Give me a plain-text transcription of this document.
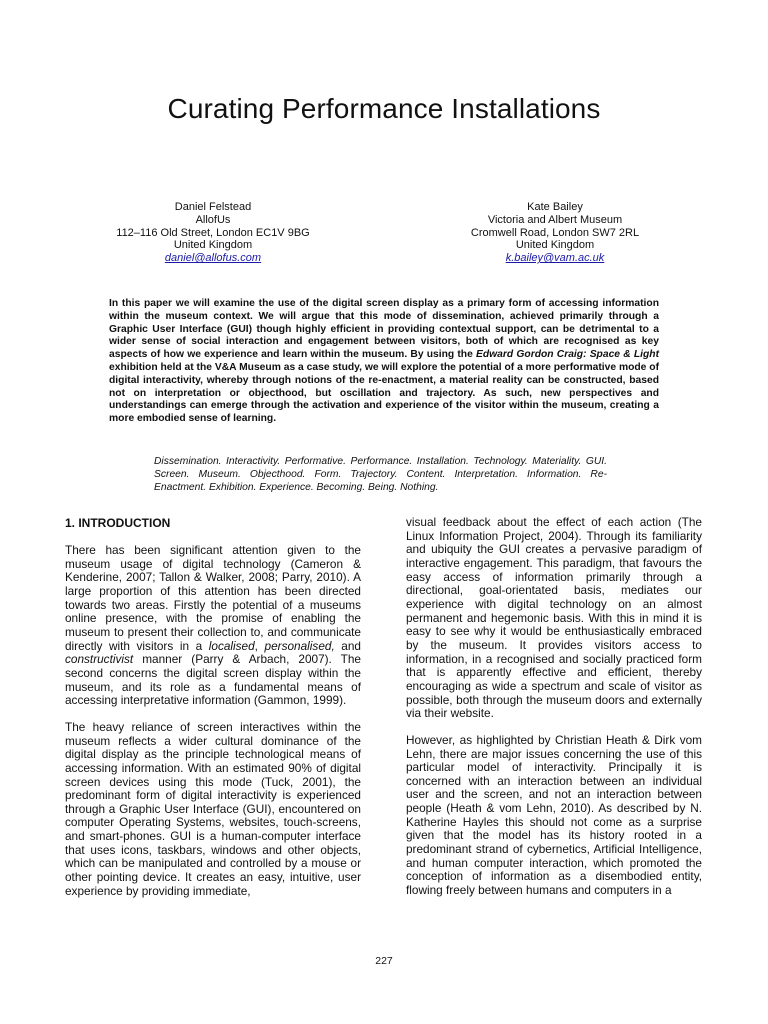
Curating Performance Installations
Daniel Felstead
AllofUs
112–116 Old Street, London EC1V 9BG
United Kingdom
daniel@allofus.com
Kate Bailey
Victoria and Albert Museum
Cromwell Road, London SW7 2RL
United Kingdom
k.bailey@vam.ac.uk

In this paper we will examine the use of the digital screen display as a primary form of accessing information within the museum context. We will argue that this mode of dissemination, achieved primarily through a Graphic User Interface (GUI) though highly efficient in providing contextual support, can be detrimental to a wider sense of social interaction and engagement between visitors, both of which are recognised as key aspects of how we experience and learn within the museum. By using the Edward Gordon Craig: Space & Light exhibition held at the V&A Museum as a case study, we will explore the potential of a more performative mode of digital interactivity, whereby through notions of the re-enactment, a material reality can be constructed, based not on interpretation or objecthood, but oscillation and trajectory. As such, new perspectives and understandings can emerge through the activation and experience of the visitor within the museum, creating a more embodied sense of learning.

Dissemination. Interactivity. Performative. Performance. Installation. Technology. Materiality. GUI. Screen. Museum. Objecthood. Form. Trajectory. Content. Interpretation. Information. Re-Enactment. Exhibition. Experience. Becoming. Being. Nothing.

1. INTRODUCTION

There has been significant attention given to the museum usage of digital technology (Cameron & Kenderine, 2007; Tallon & Walker, 2008; Parry, 2010). A large proportion of this attention has been directed towards two areas. Firstly the potential of a museums online presence, with the promise of enabling the museum to present their collection to, and communicate directly with visitors in a localised, personalised, and constructivist manner (Parry & Arbach, 2007). The second concerns the digital screen display within the museum, and its role as a fundamental means of accessing interpretative information (Gammon, 1999).

The heavy reliance of screen interactives within the museum reflects a wider cultural dominance of the digital display as the principle technological means of accessing information. With an estimated 90% of digital screen devices using this mode (Tuck, 2001), the predominant form of digital interactivity is experienced through a Graphic User Interface (GUI), encountered on computer Operating Systems, websites, touch-screens, and smart-phones. GUI is a human-computer interface that uses icons, taskbars, windows and other objects, which can be manipulated and controlled by a mouse or other pointing device. It creates an easy, intuitive, user experience by providing immediate,

visual feedback about the effect of each action (The Linux Information Project, 2004). Through its familiarity and ubiquity the GUI creates a pervasive paradigm of interactive engagement. This paradigm, that favours the easy access of information primarily through a directional, goal-orientated basis, mediates our experience with digital technology on an almost permanent and hegemonic basis. With this in mind it is easy to see why it would be enthusiastically embraced by the museum. It provides visitors access to information, in a recognised and socially practiced form that is apparently effective and efficient, thereby encouraging as wide a spectrum and scale of visitor as possible, both through the museum doors and externally via their website.

However, as highlighted by Christian Heath & Dirk vom Lehn, there are major issues concerning the use of this particular model of interactivity. Principally it is concerned with an interaction between an individual user and the screen, and not an interaction between people (Heath & vom Lehn, 2010). As described by N. Katherine Hayles this should not come as a surprise given that the model has its history rooted in a predominant strand of cybernetics, Artificial Intelligence, and human computer interaction, which promoted the conception of information as a disembodied entity, flowing freely between humans and computers in a

227
